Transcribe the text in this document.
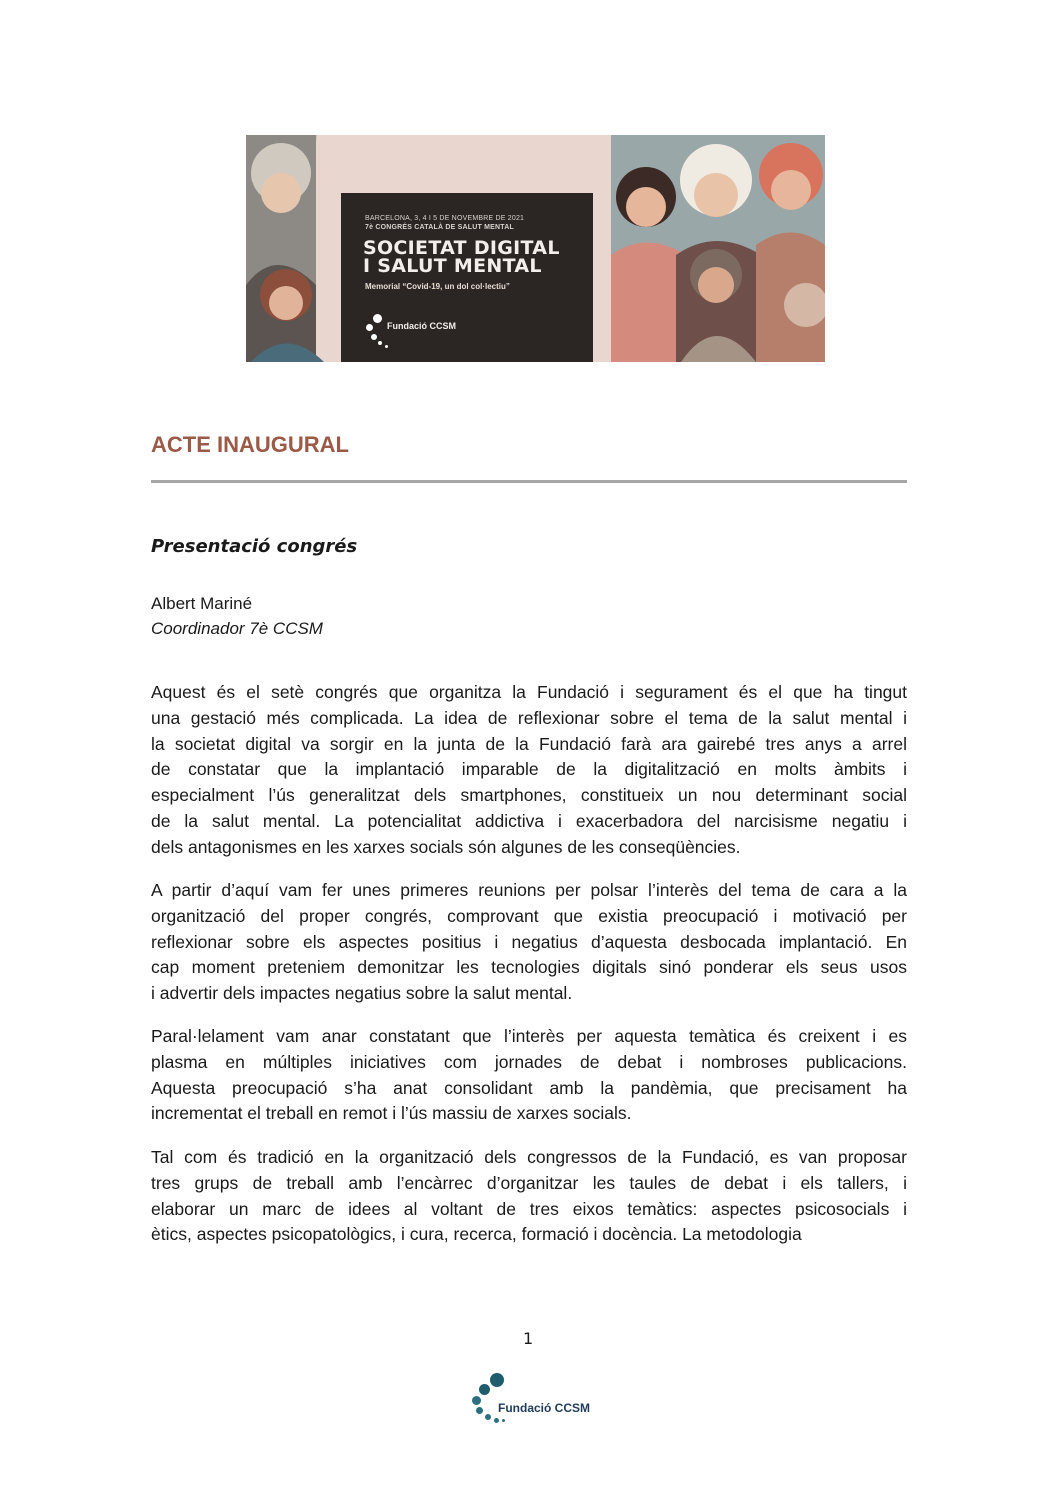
BARCELONA, 3, 4 I 5 DE NOVEMBRE DE 2021
7è CONGRÉS CATALÀ DE SALUT MENTAL
SOCIETAT DIGITAL
I SALUT MENTAL
Memorial “Covid-19, un dol col·lectiu”
Fundació CCSM
ACTE INAUGURAL
Presentació congrés
Albert Mariné
Coordinador 7è CCSM
Aquest és el setè congrés que organitza la Fundació i segurament és el que ha tingut
una gestació més complicada. La idea de reflexionar sobre el tema de la salut mental i
la societat digital va sorgir en la junta de la Fundació farà ara gairebé tres anys a arrel
de constatar que la implantació imparable de la digitalització en molts àmbits i
especialment l’ús generalitzat dels smartphones, constitueix un nou determinant social
de la salut mental. La potencialitat addictiva i exacerbadora del narcisisme negatiu i
dels antagonismes en les xarxes socials són algunes de les conseqüències.
A partir d’aquí vam fer unes primeres reunions per polsar l’interès del tema de cara a la
organització del proper congrés, comprovant que existia preocupació i motivació per
reflexionar sobre els aspectes positius i negatius d’aquesta desbocada implantació. En
cap moment preteniem demonitzar les tecnologies digitals sinó ponderar els seus usos
i advertir dels impactes negatius sobre la salut mental.
Paral·lelament vam anar constatant que l’interès per aquesta temàtica és creixent i es
plasma en múltiples iniciatives com jornades de debat i nombroses publicacions.
Aquesta preocupació s’ha anat consolidant amb la pandèmia, que precisament ha
incrementat el treball en remot i l’ús massiu de xarxes socials.
Tal com és tradició en la organització dels congressos de la Fundació, es van proposar
tres grups de treball amb l’encàrrec d’organitzar les taules de debat i els tallers, i
elaborar un marc de idees al voltant de tres eixos temàtics: aspectes psicosocials i
ètics, aspectes psicopatològics, i cura, recerca, formació i docència. La metodologia
1
Fundació CCSM
